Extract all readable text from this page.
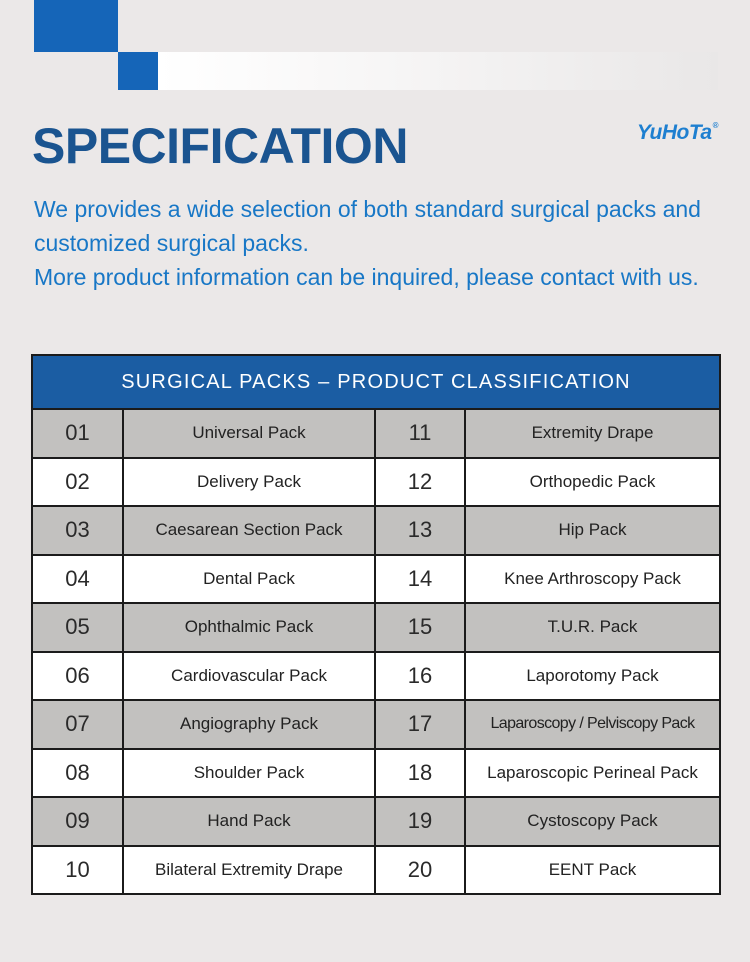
SPECIFICATION	YuHoTa®

We provides a wide selection of both standard surgical packs and customized surgical packs.

More product information can be inquired, please contact with us.

SURGICAL PACKS – PRODUCT CLASSIFICATION
01	Universal Pack	11	Extremity Drape
02	Delivery Pack	12	Orthopedic Pack
03	Caesarean Section Pack	13	Hip Pack
04	Dental Pack	14	Knee Arthroscopy Pack
05	Ophthalmic Pack	15	T.U.R. Pack
06	Cardiovascular Pack	16	Laporotomy Pack
07	Angiography Pack	17	Laparoscopy / Pelviscopy Pack
08	Shoulder Pack	18	Laparoscopic Perineal Pack
09	Hand Pack	19	Cystoscopy Pack
10	Bilateral Extremity Drape	20	EENT Pack
